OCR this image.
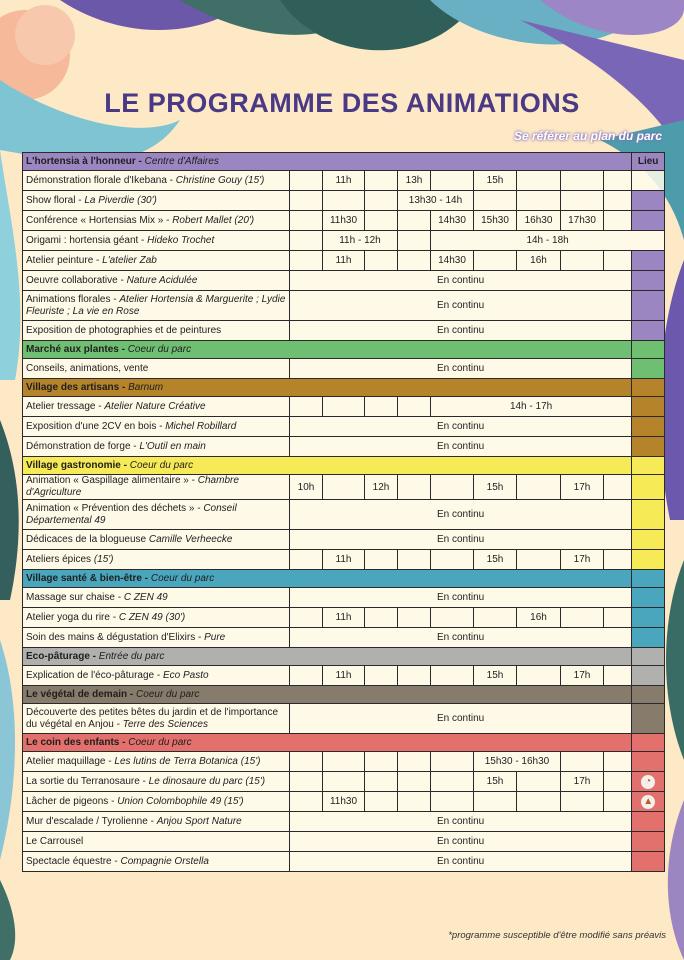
LE PROGRAMME DES ANIMATIONS
Se référer au plan du parc
L'hortensia à l'honneur - Centre d'Affaires										Lieu	
Démonstration florale d'Ikebana - Christine Gouy (15')		11h		13h		15h					
Show floral - La Piverdie (30')				13h30 - 14h							
Conférence « Hortensias Mix » - Robert Mallet (20')		11h30			14h30	15h30	16h30	17h30			
Origami : hortensia géant - Hideko Trochet		11h - 12h			14h - 18h						
Atelier peinture - L'atelier Zab		11h			14h30		16h				
Oeuvre collaborative - Nature Acidulée	En continu										
Animations florales - Atelier Hortensia & Marguerite ; Lydie Fleuriste ; La vie en Rose	En continu										
Exposition de photographies et de peintures	En continu										
Marché aux plantes - Coeur du parc											
Conseils, animations, vente	En continu										
Village des artisans - Barnum											
Atelier tressage - Atelier Nature Créative					14h - 17h						
Exposition d'une 2CV en bois - Michel Robillard	En continu										
Démonstration de forge - L'Outil en main	En continu										
Village gastronomie - Coeur du parc											
Animation « Gaspillage alimentaire » - Chambre d'Agriculture	10h		12h			15h		17h			
Animation « Prévention des déchets » - Conseil Départemental 49	En continu										
Dédicaces de la blogueuse Camille Verheecke	En continu										
Ateliers épices (15')		11h				15h		17h			
Village santé & bien-être - Coeur du parc											
Massage sur chaise - C ZEN 49	En continu										
Atelier yoga du rire - C ZEN 49 (30')		11h					16h				
Soin des mains & dégustation d'Elixirs - Pure	En continu										
Eco-pâturage - Entrée du parc											
Explication de l'éco-pâturage - Eco Pasto		11h				15h		17h			
Le végétal de demain - Coeur du parc											
Découverte des petites bêtes du jardin et de l'importance du végétal en Anjou - Terre des Sciences	En continu										
Le coin des enfants - Coeur du parc											
Atelier maquillage - Les lutins de Terra Botanica (15')						15h30 - 16h30					
La sortie du Terranosaure - Le dinosaure du parc (15')						15h		17h		◔	
Lâcher de pigeons - Union Colombophile 49 (15')		11h30								▲	
Mur d'escalade / Tyrolienne - Anjou Sport Nature	En continu										
Le Carrousel	En continu										
Spectacle équestre - Compagnie Orstella	En continu										
*programme susceptible d'être modifié sans préavis
